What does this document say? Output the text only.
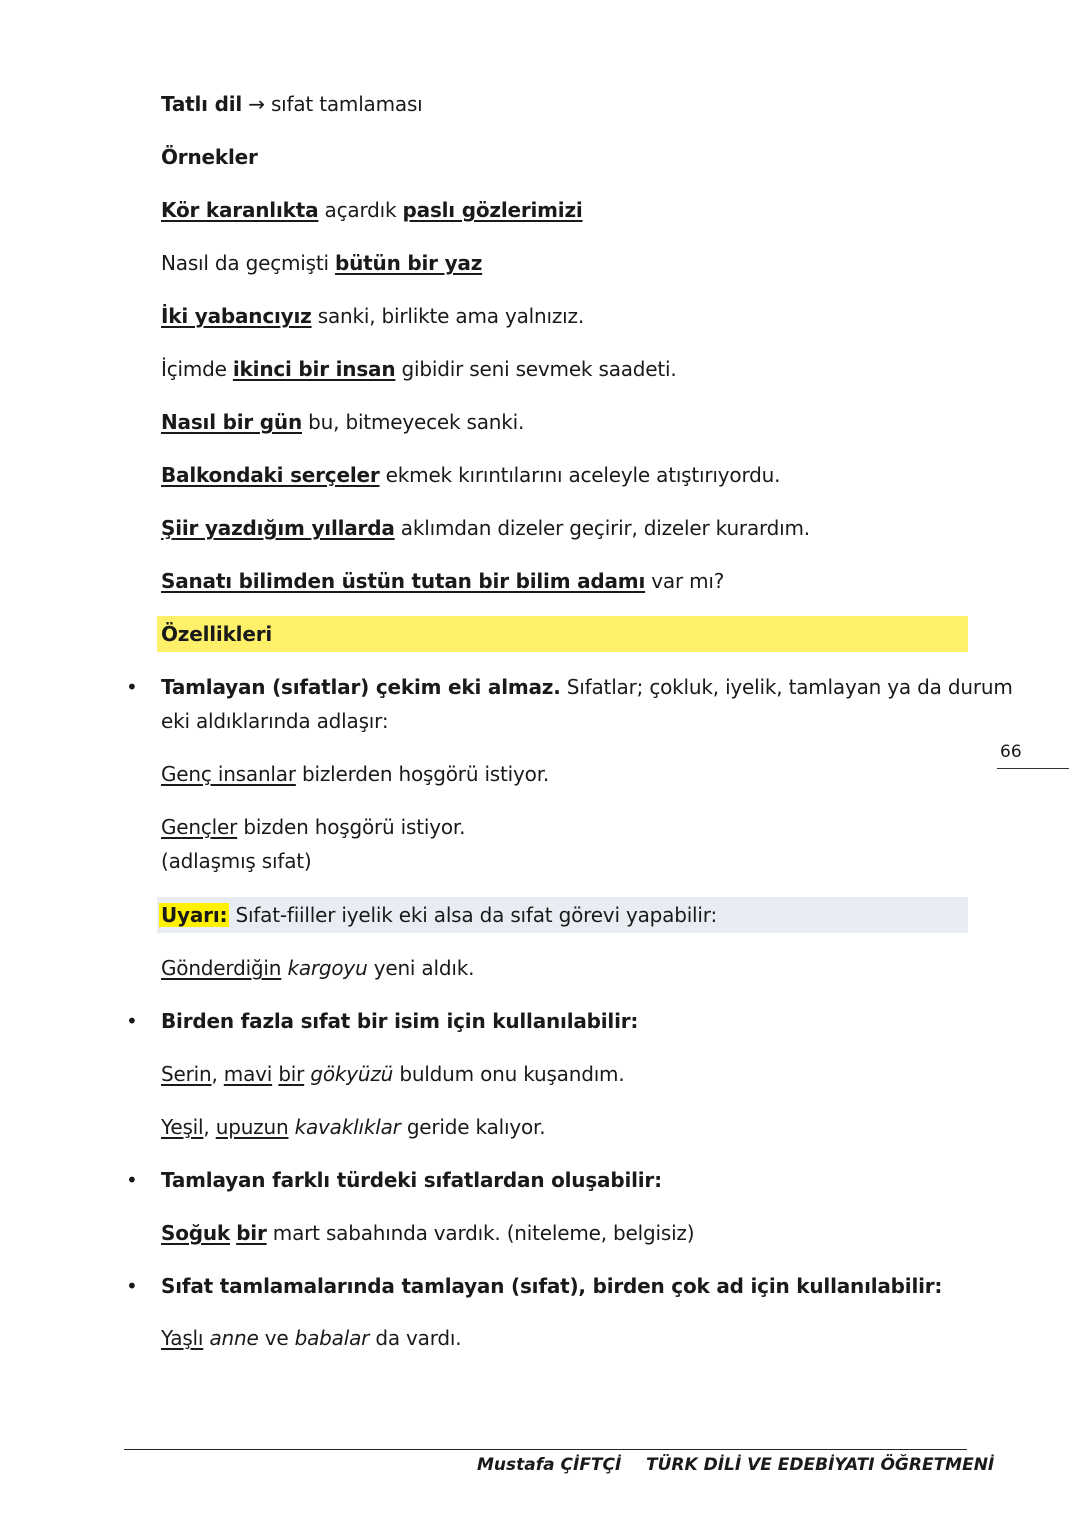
Tatlı dil → sıfat tamlaması
Örnekler
Kör karanlıkta açardık paslı gözlerimizi
Nasıl da geçmişti bütün bir yaz
İki yabancıyız sanki, birlikte ama yalnızız.
İçimde ikinci bir insan gibidir seni sevmek saadeti.
Nasıl bir gün bu, bitmeyecek sanki.
Balkondaki serçeler ekmek kırıntılarını aceleyle atıştırıyordu.
Şiir yazdığım yıllarda aklımdan dizeler geçirir, dizeler kurardım.
Sanatı bilimden üstün tutan bir bilim adamı var mı?
Özellikleri
• Tamlayan (sıfatlar) çekim eki almaz. Sıfatlar; çokluk, iyelik, tamlayan ya da durum
eki aldıklarında adlaşır:
Genç insanlar bizlerden hoşgörü istiyor.
Gençler bizden hoşgörü istiyor.
(adlaşmış sıfat)
Uyarı: Sıfat-fiiller iyelik eki alsa da sıfat görevi yapabilir:
Gönderdiğin kargoyu yeni aldık.
• Birden fazla sıfat bir isim için kullanılabilir:
Serin, mavi bir gökyüzü buldum onu kuşandım.
Yeşil, upuzun kavaklıklar geride kalıyor.
• Tamlayan farklı türdeki sıfatlardan oluşabilir:
Soğuk bir mart sabahında vardık. (niteleme, belgisiz)
• Sıfat tamlamalarında tamlayan (sıfat), birden çok ad için kullanılabilir:
Yaşlı anne ve babalar da vardı.
66
Mustafa ÇİFTÇİ TÜRK DİLİ VE EDEBİYATI ÖĞRETMENİ
